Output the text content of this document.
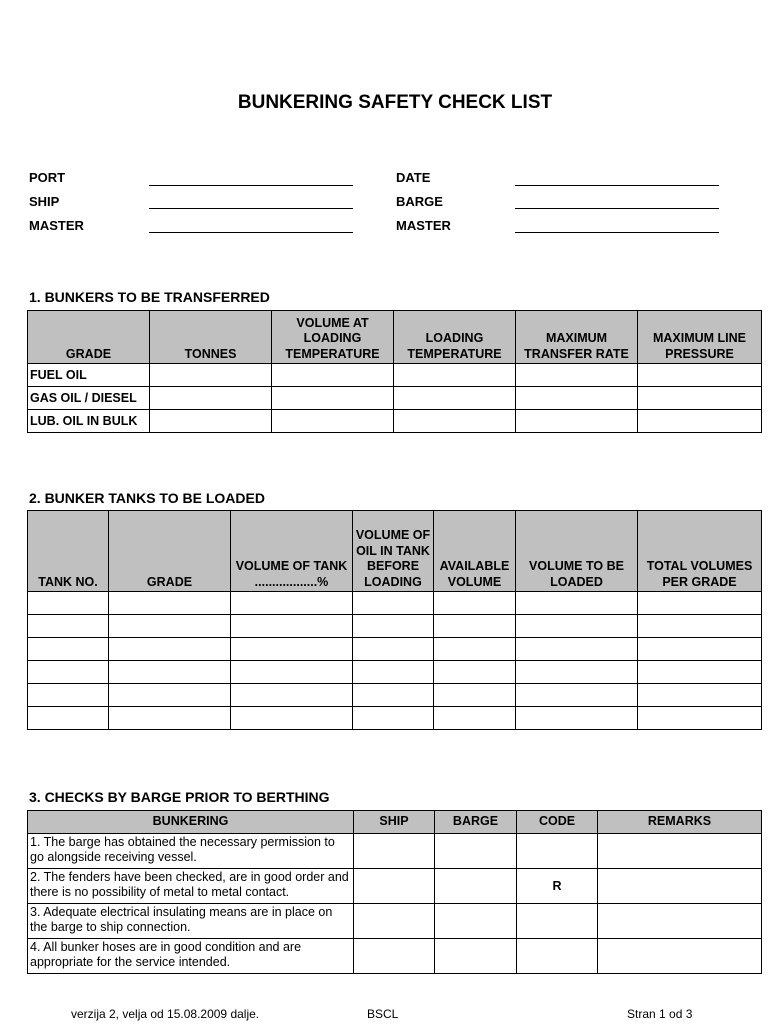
BUNKERING SAFETY CHECK LIST
PORT
SHIP
MASTER
DATE
BARGE
MASTER
1. BUNKERS TO BE TRANSFERRED
GRADE	TONNES	VOLUME AT LOADING TEMPERATURE	LOADING TEMPERATURE	MAXIMUM TRANSFER RATE	MAXIMUM LINE PRESSURE
FUEL OIL					
GAS OIL / DIESEL					
LUB. OIL IN BULK					
2. BUNKER TANKS TO BE LOADED
TANK NO.	GRADE	VOLUME OF TANK ..................%	VOLUME OF OIL IN TANK BEFORE LOADING	AVAILABLE VOLUME	VOLUME TO BE LOADED	TOTAL VOLUMES PER GRADE

3. CHECKS BY BARGE PRIOR TO BERTHING
BUNKERING	SHIP	BARGE	CODE	REMARKS
1. The barge has obtained the necessary permission to go alongside receiving vessel.				
2. The fenders have been checked, are in good order and there is no possibility of metal to metal contact.			R	
3. Adequate electrical insulating means are in place on the barge to ship connection.				
4. All bunker hoses are in good condition and are appropriate for the service intended.				
verzija 2, velja od 15.08.2009 dalje.	BSCL	Stran 1 od 3
